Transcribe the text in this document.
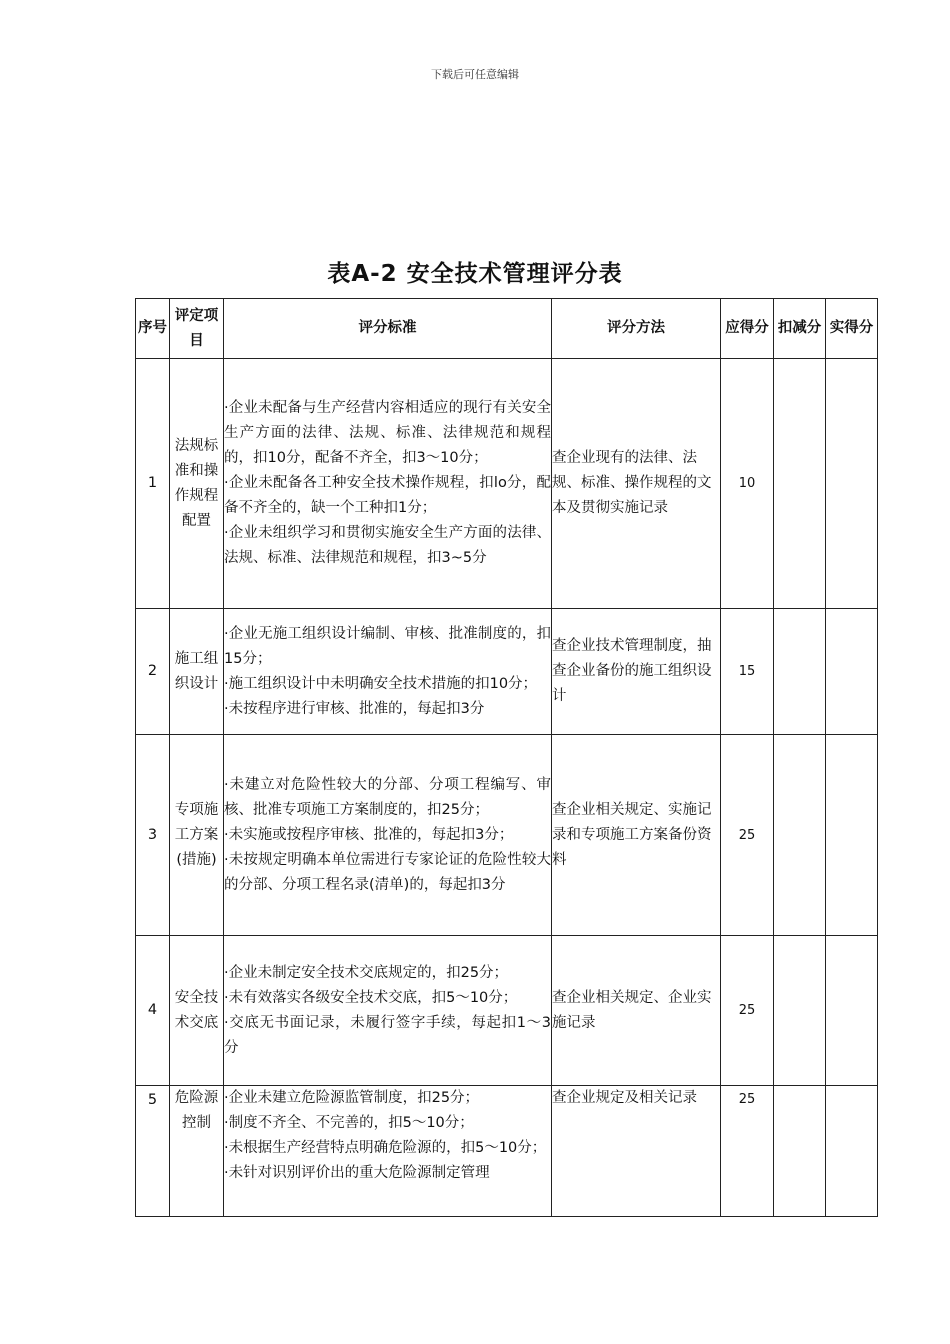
下载后可任意编辑
表A-2 安全技术管理评分表
序号	评定项目	评分标准	评分方法	应得分	扣减分	实得分
1	法规标准和操作规程配置	·企业未配备与生产经营内容相适应的现行有关安全生产方面的法律、法规、标准、法律规范和规程的，扣10分，配备不齐全，扣3～10分；
·企业未配备各工种安全技术操作规程，扣lo分，配备不齐全的，缺一个工种扣1分；
·企业未组织学习和贯彻实施安全生产方面的法律、法规、标准、法律规范和规程，扣3~5分	查企业现有的法律、法规、标准、操作规程的文本及贯彻实施记录	10		
2	施工组织设计	·企业无施工组织设计编制、审核、批准制度的，扣15分；
·施工组织设计中未明确安全技术措施的扣10分；
·未按程序进行审核、批准的，每起扣3分	查企业技术管理制度，抽查企业备份的施工组织设计	15		
3	专项施工方案(措施)	·未建立对危险性较大的分部、分项工程编写、审核、批准专项施工方案制度的，扣25分；
·未实施或按程序审核、批准的，每起扣3分；
·未按规定明确本单位需进行专家论证的危险性较大的分部、分项工程名录(清单)的，每起扣3分	查企业相关规定、实施记录和专项施工方案备份资料	25		
4	安全技术交底	·企业未制定安全技术交底规定的，扣25分；
·未有效落实各级安全技术交底，扣5～10分；
·交底无书面记录，未履行签字手续，每起扣1～3分	查企业相关规定、企业实施记录	25		
5	危险源控制	·企业未建立危险源监管制度，扣25分；
·制度不齐全、不完善的，扣5～10分；
·未根据生产经营特点明确危险源的，扣5～10分；
·未针对识别评价出的重大危险源制定管理	查企业规定及相关记录	25		
